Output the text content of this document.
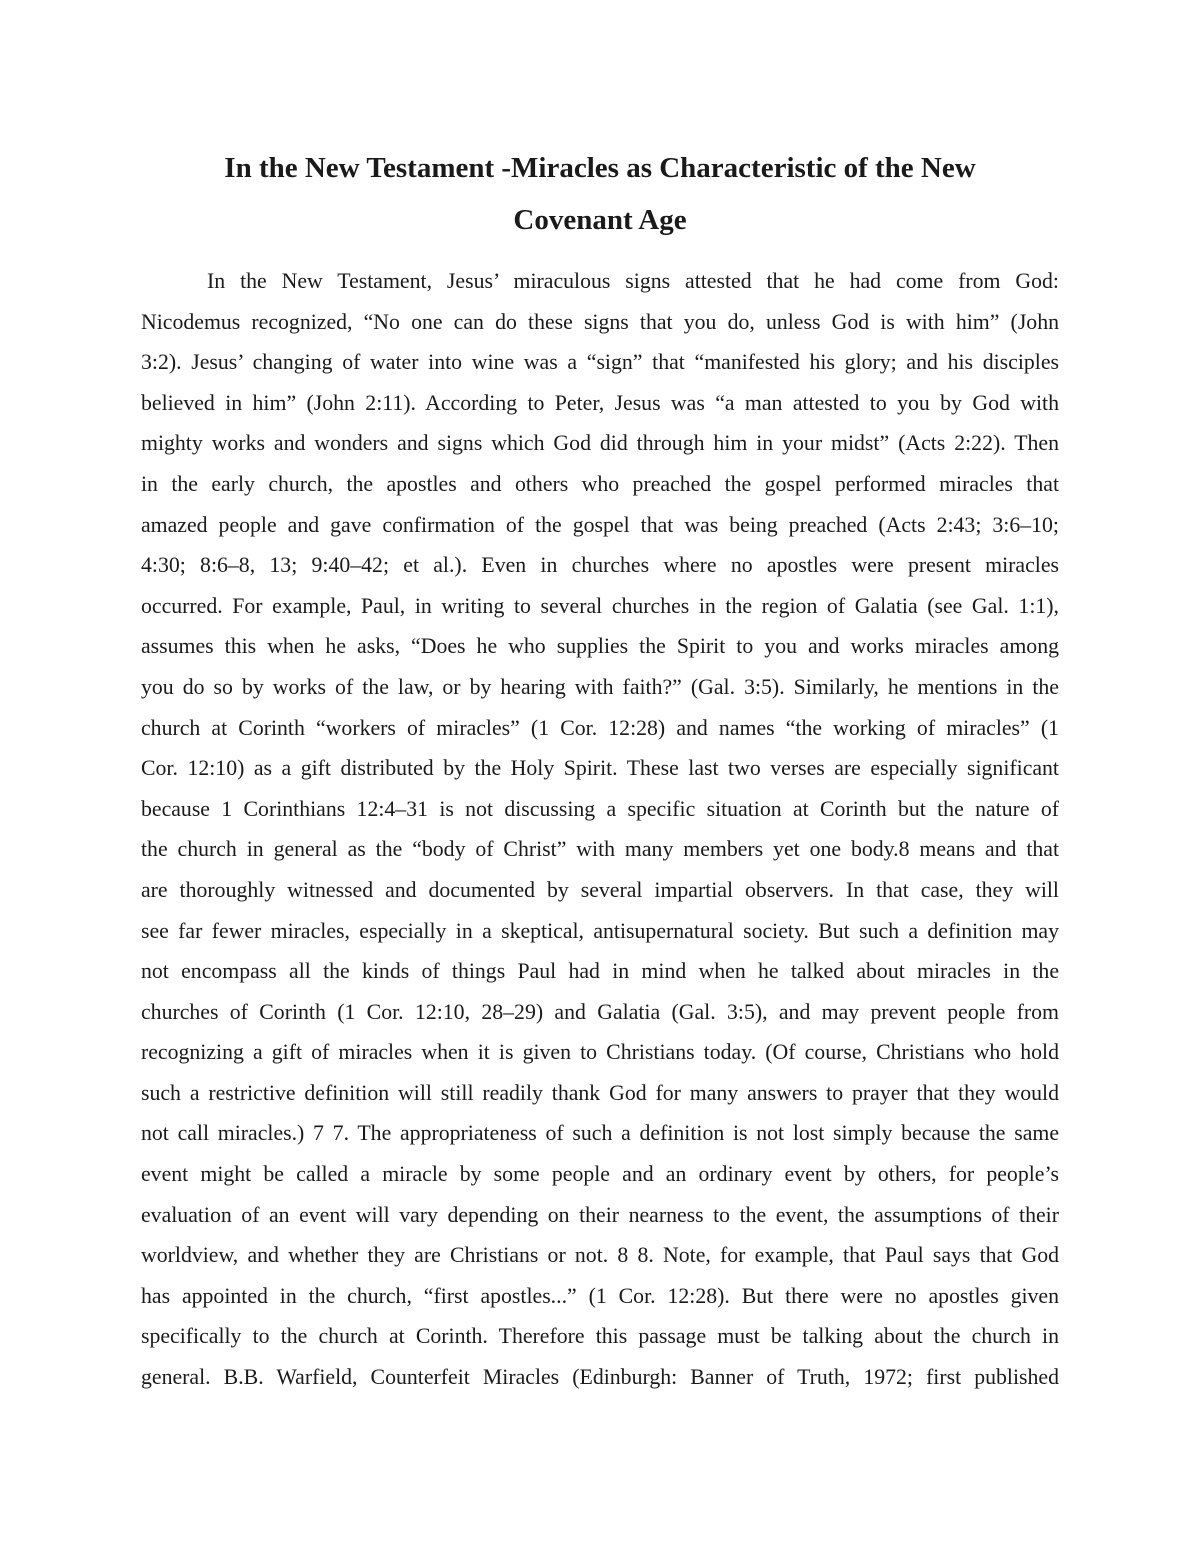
In the New Testament -Miracles as Characteristic of the New
Covenant Age
In the New Testament, Jesus’ miraculous signs attested that he had come from God:
Nicodemus recognized, “No one can do these signs that you do, unless God is with him” (John
3:2). Jesus’ changing of water into wine was a “sign” that “manifested his glory; and his disciples
believed in him” (John 2:11). According to Peter, Jesus was “a man attested to you by God with
mighty works and wonders and signs which God did through him in your midst” (Acts 2:22). Then
in the early church, the apostles and others who preached the gospel performed miracles that
amazed people and gave confirmation of the gospel that was being preached (Acts 2:43; 3:6–10;
4:30; 8:6–8, 13; 9:40–42; et al.). Even in churches where no apostles were present miracles
occurred. For example, Paul, in writing to several churches in the region of Galatia (see Gal. 1:1),
assumes this when he asks, “Does he who supplies the Spirit to you and works miracles among
you do so by works of the law, or by hearing with faith?” (Gal. 3:5). Similarly, he mentions in the
church at Corinth “workers of miracles” (1 Cor. 12:28) and names “the working of miracles” (1
Cor. 12:10) as a gift distributed by the Holy Spirit. These last two verses are especially significant
because 1 Corinthians 12:4–31 is not discussing a specific situation at Corinth but the nature of
the church in general as the “body of Christ” with many members yet one body.8 means and that
are thoroughly witnessed and documented by several impartial observers. In that case, they will
see far fewer miracles, especially in a skeptical, antisupernatural society. But such a definition may
not encompass all the kinds of things Paul had in mind when he talked about miracles in the
churches of Corinth (1 Cor. 12:10, 28–29) and Galatia (Gal. 3:5), and may prevent people from
recognizing a gift of miracles when it is given to Christians today. (Of course, Christians who hold
such a restrictive definition will still readily thank God for many answers to prayer that they would
not call miracles.) 7 7. The appropriateness of such a definition is not lost simply because the same
event might be called a miracle by some people and an ordinary event by others, for people’s
evaluation of an event will vary depending on their nearness to the event, the assumptions of their
worldview, and whether they are Christians or not. 8 8. Note, for example, that Paul says that God
has appointed in the church, “first apostles...” (1 Cor. 12:28). But there were no apostles given
specifically to the church at Corinth. Therefore this passage must be talking about the church in
general. B.B. Warfield, Counterfeit Miracles (Edinburgh: Banner of Truth, 1972; first published
